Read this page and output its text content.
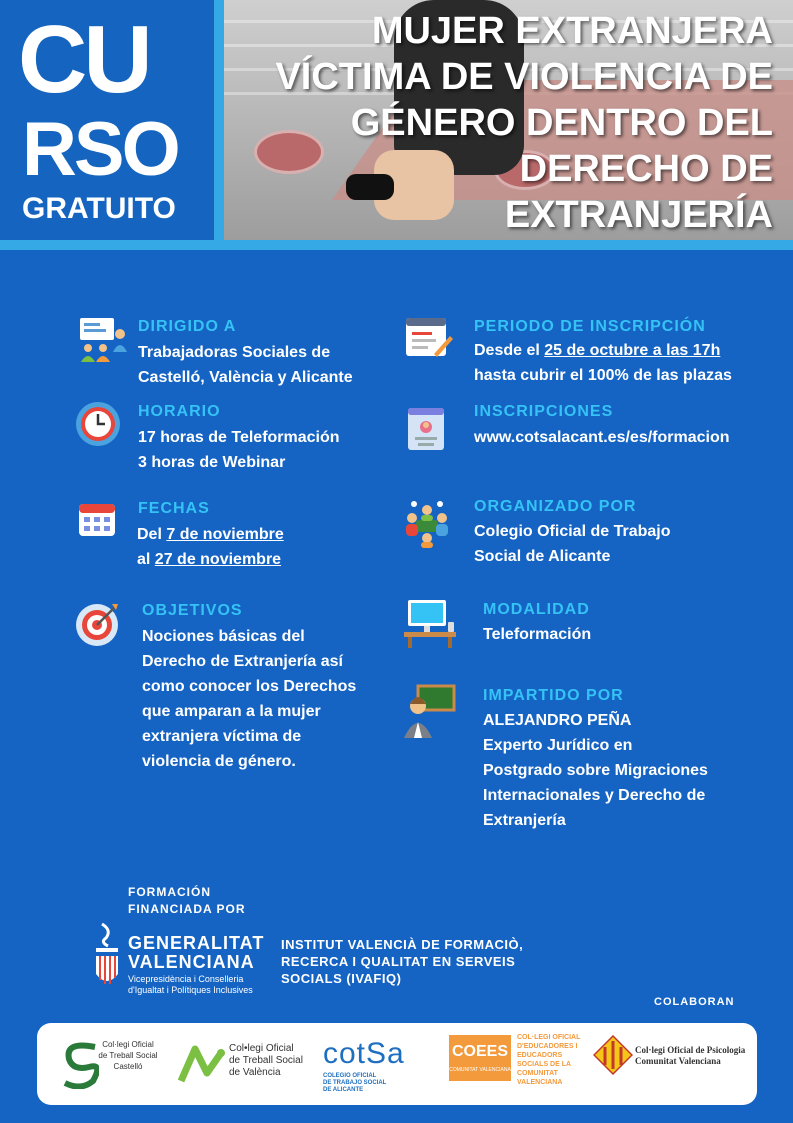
CU
RSO
GRATUITO
MUJER EXTRANJERA
VÍCTIMA DE VIOLENCIA DE
GÉNERO DENTRO DEL
DERECHO DE
EXTRANJERÍA
DIRIGIDO A
Trabajadoras Sociales de
Castelló, València y Alicante
HORARIO
17 horas de Teleformación
3 horas de Webinar
FECHAS
Del 7 de noviembre
al 27 de noviembre
OBJETIVOS
Nociones básicas del
Derecho de Extranjería así
como conocer los Derechos
que amparan a la mujer
extranjera víctima de
violencia de género.
PERIODO DE INSCRIPCIÓN
Desde el 25 de octubre a las 17h
hasta cubrir el 100% de las plazas
INSCRIPCIONES
www.cotsalacant.es/es/formacion
ORGANIZADO POR
Colegio Oficial de Trabajo
Social de Alicante
MODALIDAD
Teleformación
IMPARTIDO POR
ALEJANDRO PEÑA
Experto Jurídico en
Postgrado sobre Migraciones
Internacionales y Derecho de
Extranjería
FORMACIÓN
FINANCIADA POR
GENERALITAT
VALENCIANA
Vicepresidència i Conselleria
d'Igualtat i Polítiques Inclusives
INSTITUT VALENCIÀ DE FORMACIÒ,
RECERCA I QUALITAT EN SERVEIS
SOCIALS (IVAFIQ)
COLABORAN
Col·legi Oficial
de Treball Social
Castelló
Col•legi Oficial
de Treball Social
de València
cotSa
COLEGIO OFICIAL
DE TRABAJO SOCIAL
DE ALICANTE
COEES
COMUNITAT VALENCIANA
COL·LEGI OFICIAL
D'EDUCADORES I
EDUCADORS
SOCIALS DE LA
COMUNITAT
VALENCIANA
Col·legi Oficial de Psicologia
Comunitat Valenciana
